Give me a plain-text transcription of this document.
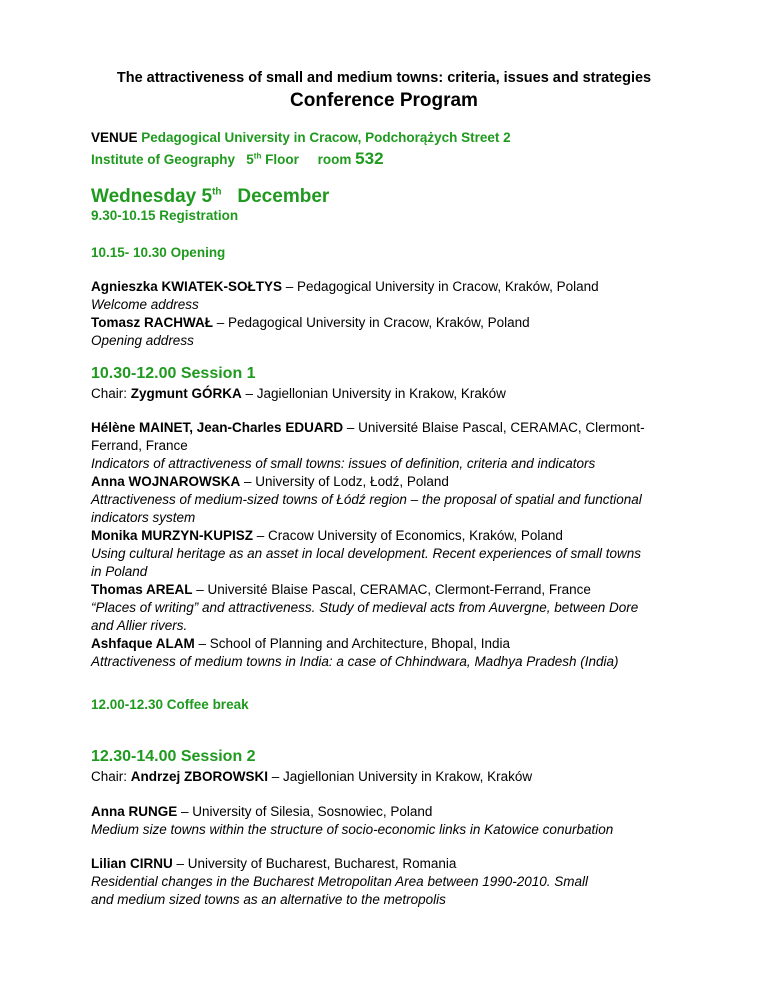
The attractiveness of small and medium towns: criteria, issues and strategies
Conference Program
VENUE Pedagogical University in Cracow, Podchorążych Street 2
Institute of Geography 5th Floor room 532
Wednesday 5th December
9.30-10.15 Registration
10.15- 10.30 Opening
Agnieszka KWIATEK-SOŁTYS – Pedagogical University in Cracow, Kraków, Poland
Welcome address
Tomasz RACHWAŁ – Pedagogical University in Cracow, Kraków, Poland
Opening address
10.30-12.00 Session 1
Chair: Zygmunt GÓRKA – Jagiellonian University in Krakow, Kraków
Hélène MAINET, Jean-Charles EDUARD – Université Blaise Pascal, CERAMAC, Clermont-
Ferrand, France
Indicators of attractiveness of small towns: issues of definition, criteria and indicators
Anna WOJNAROWSKA – University of Lodz, Łodź, Poland
Attractiveness of medium-sized towns of Łódź region – the proposal of spatial and functional
indicators system
Monika MURZYN-KUPISZ – Cracow University of Economics, Kraków, Poland
Using cultural heritage as an asset in local development. Recent experiences of small towns
in Poland
Thomas AREAL – Université Blaise Pascal, CERAMAC, Clermont-Ferrand, France
“Places of writing” and attractiveness. Study of medieval acts from Auvergne, between Dore
and Allier rivers.
Ashfaque ALAM – School of Planning and Architecture, Bhopal, India
Attractiveness of medium towns in India: a case of Chhindwara, Madhya Pradesh (India)
12.00-12.30 Coffee break
12.30-14.00 Session 2
Chair: Andrzej ZBOROWSKI – Jagiellonian University in Krakow, Kraków
Anna RUNGE – University of Silesia, Sosnowiec, Poland
Medium size towns within the structure of socio-economic links in Katowice conurbation
Lilian CIRNU – University of Bucharest, Bucharest, Romania
Residential changes in the Bucharest Metropolitan Area between 1990-2010. Small
and medium sized towns as an alternative to the metropolis
